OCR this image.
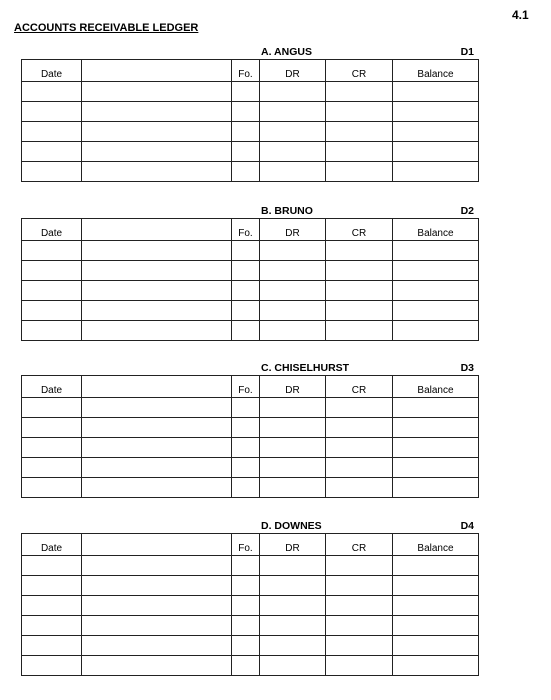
4.1
ACCOUNTS RECEIVABLE LEDGER
A. ANGUS	D1
Date		Fo.	DR	CR	Balance

B. BRUNO	D2
Date		Fo.	DR	CR	Balance

C. CHISELHURST	D3
Date		Fo.	DR	CR	Balance

D. DOWNES	D4
Date		Fo.	DR	CR	Balance
